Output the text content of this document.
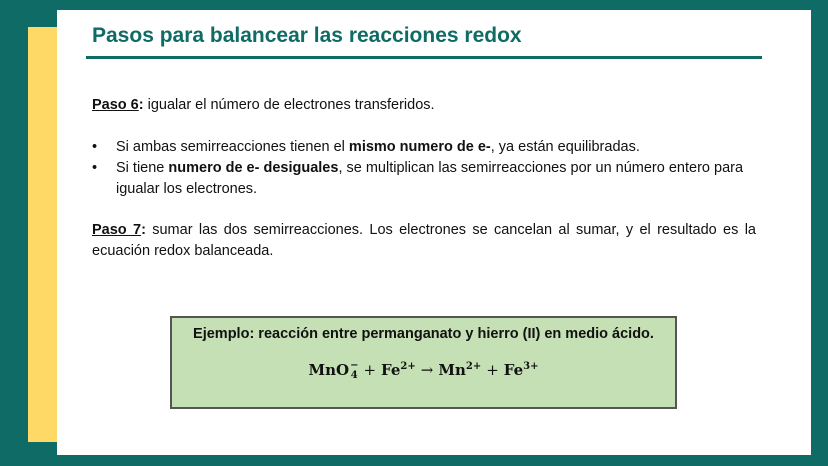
Pasos para balancear las reacciones redox
Paso 6: igualar el número de electrones transferidos.
• Si ambas semirreacciones tienen el mismo numero de e-, ya están equilibradas.
• Si tiene numero de e- desiguales, se multiplican las semirreacciones por un número entero para igualar los electrones.
Paso 7: sumar las dos semirreacciones. Los electrones se cancelan al sumar, y el resultado es la ecuación redox balanceada.
Ejemplo: reacción entre permanganato y hierro (II) en medio ácido.
MnO −
$4 + Fe^{2+} \to Mn^{2+} + Fe^{3+}$
